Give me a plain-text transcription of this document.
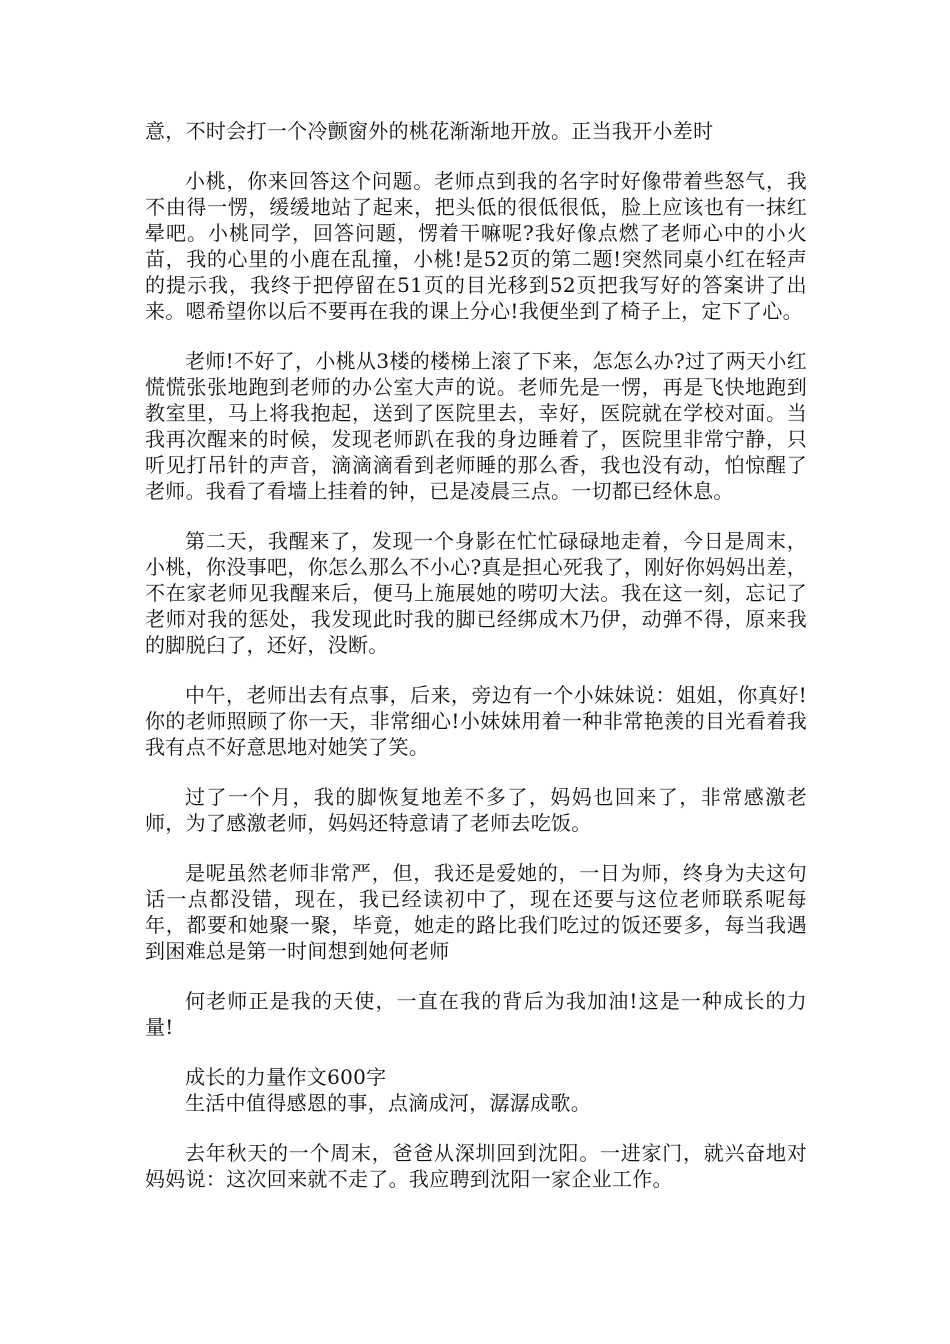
意，不时会打一个冷颤窗外的桃花渐渐地开放。正当我开小差时

小桃，你来回答这个问题。老师点到我的名字时好像带着些怒气，我不由得一愣，缓缓地站了起来，把头低的很低很低，脸上应该也有一抹红晕吧。小桃同学，回答问题，愣着干嘛呢?我好像点燃了老师心中的小火苗，我的心里的小鹿在乱撞，小桃!是52页的第二题!突然同桌小红在轻声的提示我，我终于把停留在51页的目光移到52页把我写好的答案讲了出来。嗯希望你以后不要再在我的课上分心!我便坐到了椅子上，定下了心。

老师!不好了，小桃从3楼的楼梯上滚了下来，怎怎么办?过了两天小红慌慌张张地跑到老师的办公室大声的说。老师先是一愣，再是飞快地跑到教室里，马上将我抱起，送到了医院里去，幸好，医院就在学校对面。当我再次醒来的时候，发现老师趴在我的身边睡着了，医院里非常宁静，只听见打吊针的声音，滴滴滴看到老师睡的那么香，我也没有动，怕惊醒了老师。我看了看墙上挂着的钟，已是凌晨三点。一切都已经休息。

第二天，我醒来了，发现一个身影在忙忙碌碌地走着，今日是周末，小桃，你没事吧，你怎么那么不小心?真是担心死我了，刚好你妈妈出差，不在家老师见我醒来后，便马上施展她的唠叨大法。我在这一刻，忘记了老师对我的惩处，我发现此时我的脚已经绑成木乃伊，动弹不得，原来我的脚脱臼了，还好，没断。

中午，老师出去有点事，后来，旁边有一个小妹妹说：姐姐，你真好!你的老师照顾了你一天，非常细心!小妹妹用着一种非常艳羡的目光看着我我有点不好意思地对她笑了笑。

过了一个月，我的脚恢复地差不多了，妈妈也回来了，非常感激老师，为了感激老师，妈妈还特意请了老师去吃饭。

是呢虽然老师非常严，但，我还是爱她的，一日为师，终身为夫这句话一点都没错，现在，我已经读初中了，现在还要与这位老师联系呢每年，都要和她聚一聚，毕竟，她走的路比我们吃过的饭还要多，每当我遇到困难总是第一时间想到她何老师

何老师正是我的天使，一直在我的背后为我加油!这是一种成长的力量!

成长的力量作文600字

生活中值得感恩的事，点滴成河，潺潺成歌。

去年秋天的一个周末，爸爸从深圳回到沈阳。一进家门，就兴奋地对妈妈说：这次回来就不走了。我应聘到沈阳一家企业工作。
